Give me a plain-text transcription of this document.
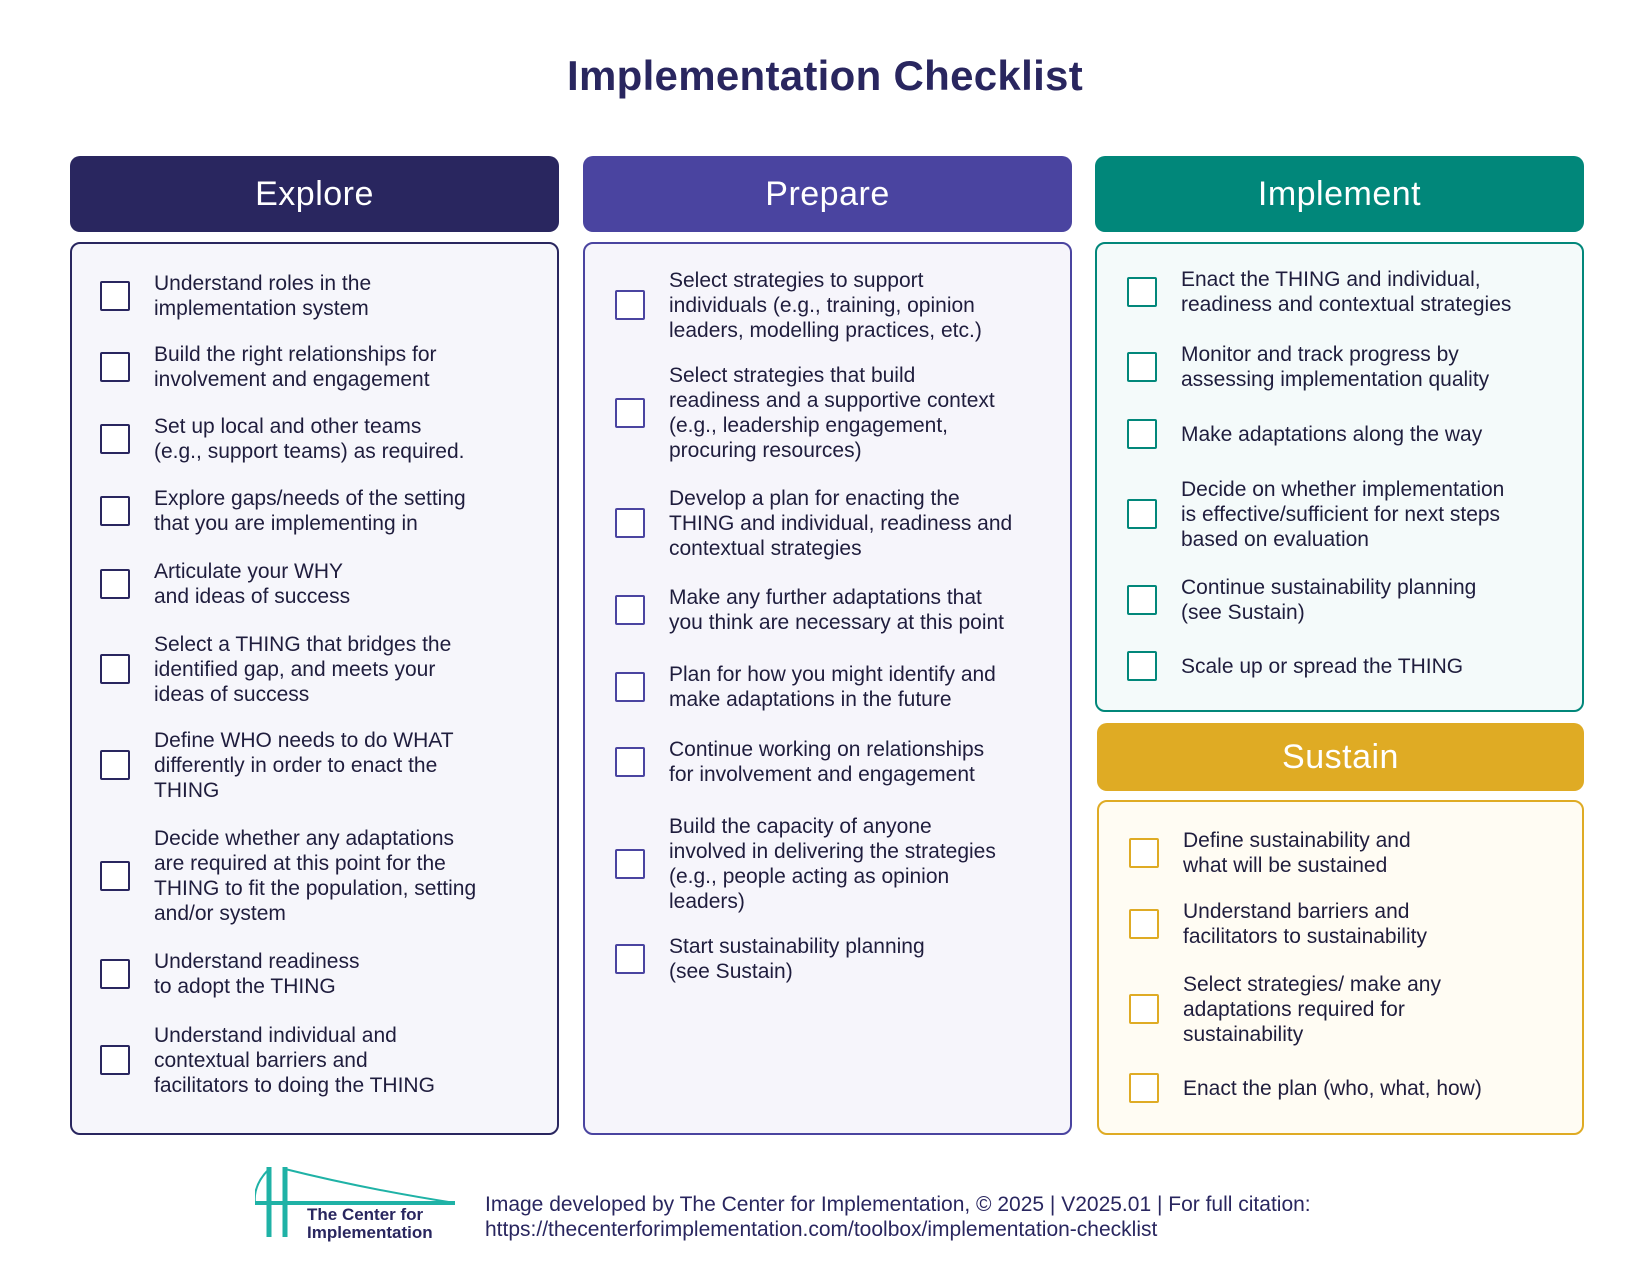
Implementation Checklist
Explore
Understand roles in the
implementation system
Build the right relationships for
involvement and engagement
Set up local and other teams
(e.g., support teams) as required.
Explore gaps/needs of the setting
that you are implementing in
Articulate your WHY
and ideas of success
Select a THING that bridges the
identified gap, and meets your
ideas of success
Define WHO needs to do WHAT
differently in order to enact the
THING
Decide whether any adaptations
are required at this point for the
THING to fit the population, setting
and/or system
Understand readiness
to adopt the THING
Understand individual and
contextual barriers and
facilitators to doing the THING
Prepare
Select strategies to support
individuals (e.g., training, opinion
leaders, modelling practices, etc.)
Select strategies that build
readiness and a supportive context
(e.g., leadership engagement,
procuring resources)
Develop a plan for enacting the
THING and individual, readiness and
contextual strategies
Make any further adaptations that
you think are necessary at this point
Plan for how you might identify and
make adaptations in the future
Continue working on relationships
for involvement and engagement
Build the capacity of anyone
involved in delivering the strategies
(e.g., people acting as opinion
leaders)
Start sustainability planning
(see Sustain)
Implement
Enact the THING and individual,
readiness and contextual strategies
Monitor and track progress by
assessing implementation quality
Make adaptations along the way
Decide on whether implementation
is effective/sufficient for next steps
based on evaluation
Continue sustainability planning
(see Sustain)
Scale up or spread the THING
Sustain
Define sustainability and
what will be sustained
Understand barriers and
facilitators to sustainability
Select strategies/ make any
adaptations required for
sustainability
Enact the plan (who, what, how)
The Center for
Implementation
Image developed by The Center for Implementation, © 2025 | V2025.01 | For full citation:
https://thecenterforimplementation.com/toolbox/implementation-checklist
